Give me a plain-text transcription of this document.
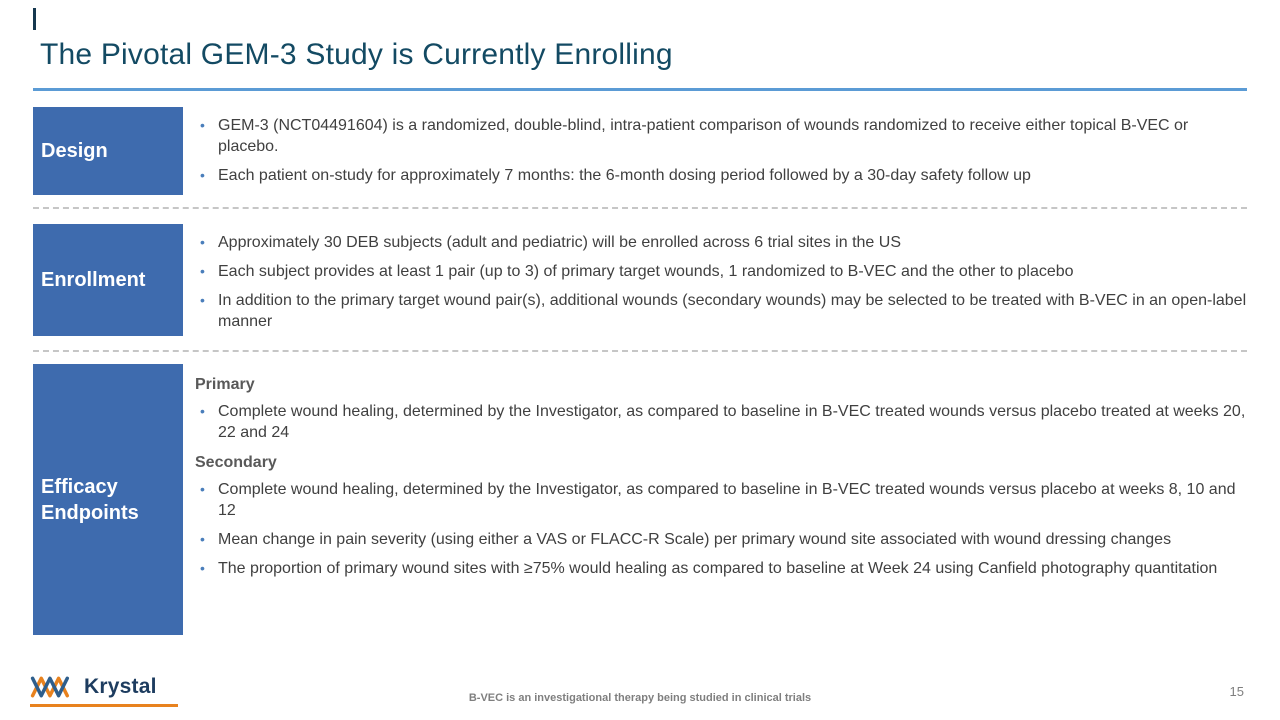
The Pivotal GEM-3 Study is Currently Enrolling
Design
• GEM-3 (NCT04491604) is a randomized, double-blind, intra-patient comparison of wounds randomized to receive either topical B-VEC or placebo.
• Each patient on-study for approximately 7 months: the 6-month dosing period followed by a 30-day safety follow up
Enrollment
• Approximately 30 DEB subjects (adult and pediatric) will be enrolled across 6 trial sites in the US
• Each subject provides at least 1 pair (up to 3) of primary target wounds, 1 randomized to B-VEC and the other to placebo
• In addition to the primary target wound pair(s), additional wounds (secondary wounds) may be selected to be treated with B-VEC in an open-label manner
Efficacy Endpoints
Primary
• Complete wound healing, determined by the Investigator, as compared to baseline in B-VEC treated wounds versus placebo treated at weeks 20, 22 and 24
Secondary
• Complete wound healing, determined by the Investigator, as compared to baseline in B-VEC treated wounds versus placebo at weeks 8, 10 and 12
• Mean change in pain severity (using either a VAS or FLACC-R Scale) per primary wound site associated with wound dressing changes
• The proportion of primary wound sites with ≥75% would healing as compared to baseline at Week 24 using Canfield photography quantitation
Krystal	B-VEC is an investigational therapy being studied in clinical trials	15
